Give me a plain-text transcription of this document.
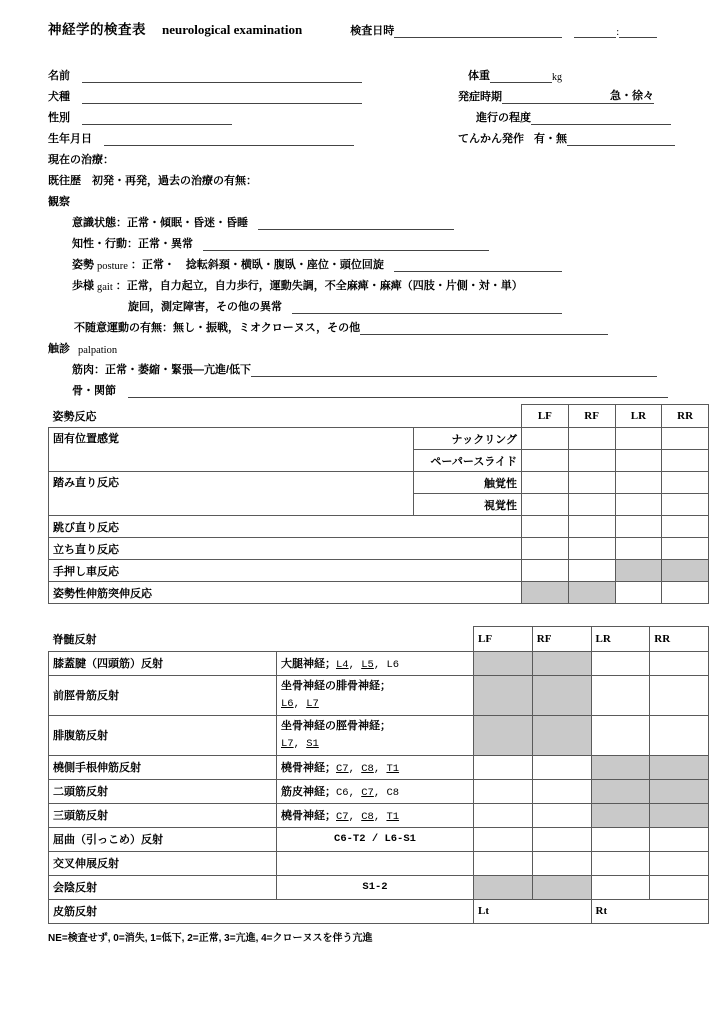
神経学的検査表 neurological examination	検査日時	:
名前	体重	kg
犬種	発症時期	急・徐々
性別	進行の程度
生年月日	てんかん発作 有・無
現在の治療：
既往歴　初発・再発，過去の治療の有無：
観察
意識状態：正常・傾眠・昏迷・昏睡
知性・行動：正常・異常
姿勢 posture ：正常・　捻転斜頚・横臥・腹臥・座位・頭位回旋
歩様 gait ：正常，自力起立，自力歩行，運動失調，不全麻痺・麻痺（四肢・片側・対・単）
旋回，測定障害，その他の異常
不随意運動の有無：無し・振戦，ミオクローヌス，その他
触診 palpation
筋肉：正常・萎縮・緊張—亢進/低下
骨・関節
姿勢反応		LF	RF	LR	RR
固有位置感覚	ナックリング				
	ペーパースライド				
踏み直り反応	触覚性				
	視覚性				
跳び直り反応					
立ち直り反応					
手押し車反応					
姿勢性伸筋突伸反応					
脊髄反射		LF	RF	LR	RR
膝蓋腱（四頭筋）反射	大腿神経；L4, L5, L6				
前脛骨筋反射	坐骨神経の腓骨神経；
L6, L7				
腓腹筋反射	坐骨神経の脛骨神経；
L7, S1				
橈側手根伸筋反射	橈骨神経；C7, C8, T1				
二頭筋反射	筋皮神経；C6, C7, C8				
三頭筋反射	橈骨神経；C7, C8, T1				
屈曲（引っこめ）反射	C6-T2 / L6-S1				
交叉伸展反射					
会陰反射	S1-2				
皮筋反射		Lt		Rt	
NE=検査せず, 0=消失, 1=低下, 2=正常, 3=亢進, 4=クローヌスを伴う亢進
